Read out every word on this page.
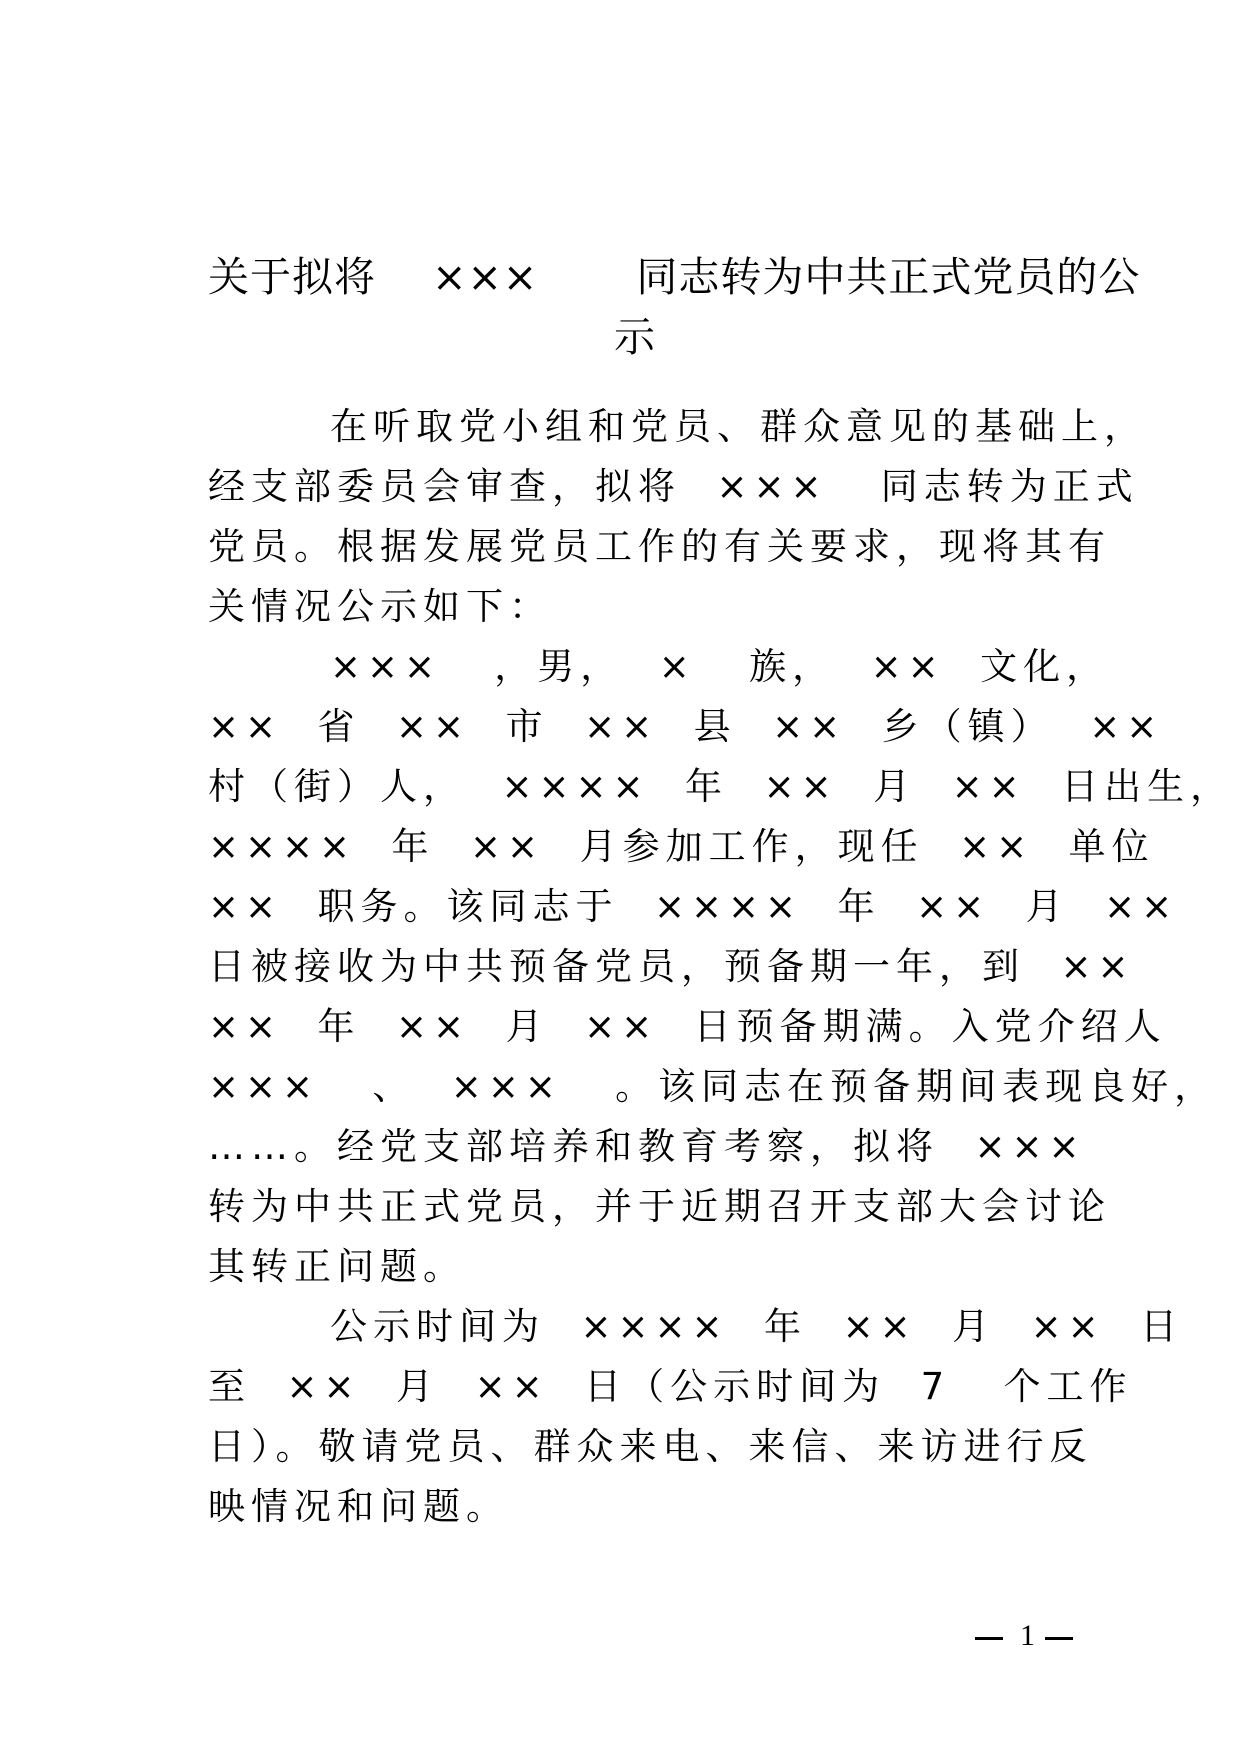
关于拟将    ×××       同志转为中共正式党员的公
示
在听取党小组和党员、群众意见的基础上，
经支部委员会审查，拟将  ×××   同志转为正式
党员。根据发展党员工作的有关要求，现将其有
关情况公示如下：
×××   ，男，  ×   族，  ××  文化，
××  省  ××  市  ××  县  ××  乡（镇）  ××
村（街）人，  ××××  年  ××  月  ××  日出生，
××××  年  ××  月参加工作，现任  ××  单位
××  职务。该同志于  ××××  年  ××  月  ××
日被接收为中共预备党员，预备期一年，到  ××
××  年  ××  月  ××  日预备期满。入党介绍人
×××   、  ×××   。该同志在预备期间表现良好，
……。经党支部培养和教育考察，拟将  ×××
转为中共正式党员，并于近期召开支部大会讨论
其转正问题。
公示时间为  ××××  年  ××  月  ××  日
至  ××  月  ××  日（公示时间为  7   个工作
日）。敬请党员、群众来电、来信、来访进行反
映情况和问题。
1
